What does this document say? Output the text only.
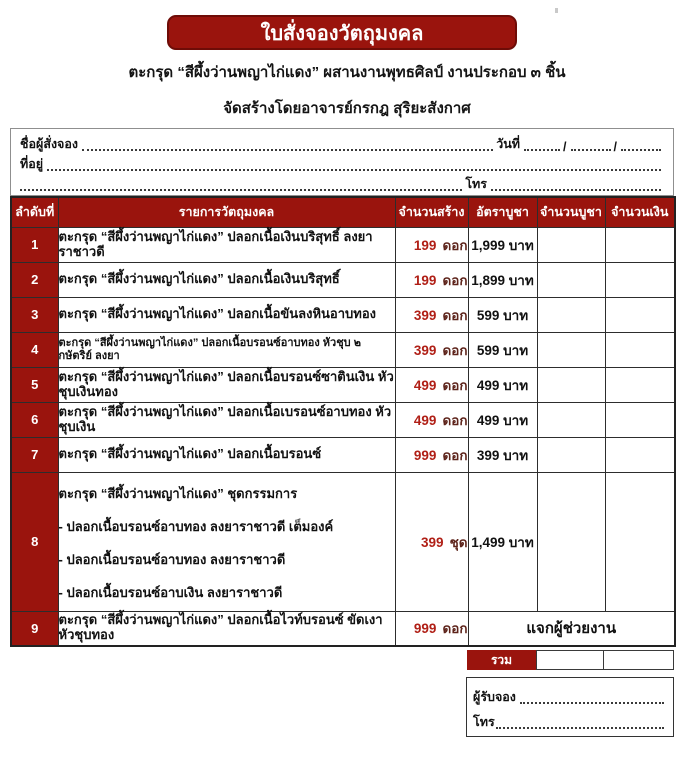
ใบสั่งจองวัตถุมงคล
ตะกรุด “สีผึ้งว่านพญาไก่แดง” ผสานงานพุทธศิลป์ งานประกอบ ๓ ชิ้น
จัดสร้างโดยอาจารย์กรกฎ สุริยะสังกาศ
ชื่อผู้สั่งจอง	วันที่	/	/
ที่อยู่
โทร
ลำดับที่	รายการวัตถุมงคล	จำนวนสร้าง	อัตราบูชา	จำนวนบูชา	จำนวนเงิน
1	ตะกรุด “สีผึ้งว่านพญาไก่แดง” ปลอกเนื้อเงินบริสุทธิ์ ลงยาราชาวดี	199 ดอก	1,999 บาท		
2	ตะกรุด “สีผึ้งว่านพญาไก่แดง” ปลอกเนื้อเงินบริสุทธิ์	199 ดอก	1,899 บาท		
3	ตะกรุด “สีผึ้งว่านพญาไก่แดง” ปลอกเนื้อขันลงหินอาบทอง	399 ดอก	599 บาท		
4	ตะกรุด “สีผึ้งว่านพญาไก่แดง” ปลอกเนื้อบรอนซ์อาบทอง หัวชุบ ๒ กษัตริย์ ลงยา	399 ดอก	599 บาท		
5	ตะกรุด “สีผึ้งว่านพญาไก่แดง” ปลอกเนื้อบรอนซ์ซาตินเงิน หัวชุบเงินทอง	499 ดอก	499 บาท		
6	ตะกรุด “สีผึ้งว่านพญาไก่แดง” ปลอกเนื้อเบรอนซ์อาบทอง หัวชุบเงิน	499 ดอก	499 บาท		
7	ตะกรุด “สีผึ้งว่านพญาไก่แดง” ปลอกเนื้อบรอนซ์	999 ดอก	399 บาท		
8	ตะกรุด “สีผึ้งว่านพญาไก่แดง” ชุดกรรมการ
- ปลอกเนื้อบรอนซ์อาบทอง ลงยาราชาวดี เต็มองค์
- ปลอกเนื้อบรอนซ์อาบทอง ลงยาราชาวดี
- ปลอกเนื้อบรอนซ์อาบเงิน ลงยาราชาวดี	399 ชุด	1,499 บาท		
9	ตะกรุด “สีผึ้งว่านพญาไก่แดง” ปลอกเนื้อไวท์บรอนซ์ ขัดเงา หัวชุบทอง	999 ดอก	แจกผู้ช่วยงาน		
รวม
ผู้รับจอง
โทร
